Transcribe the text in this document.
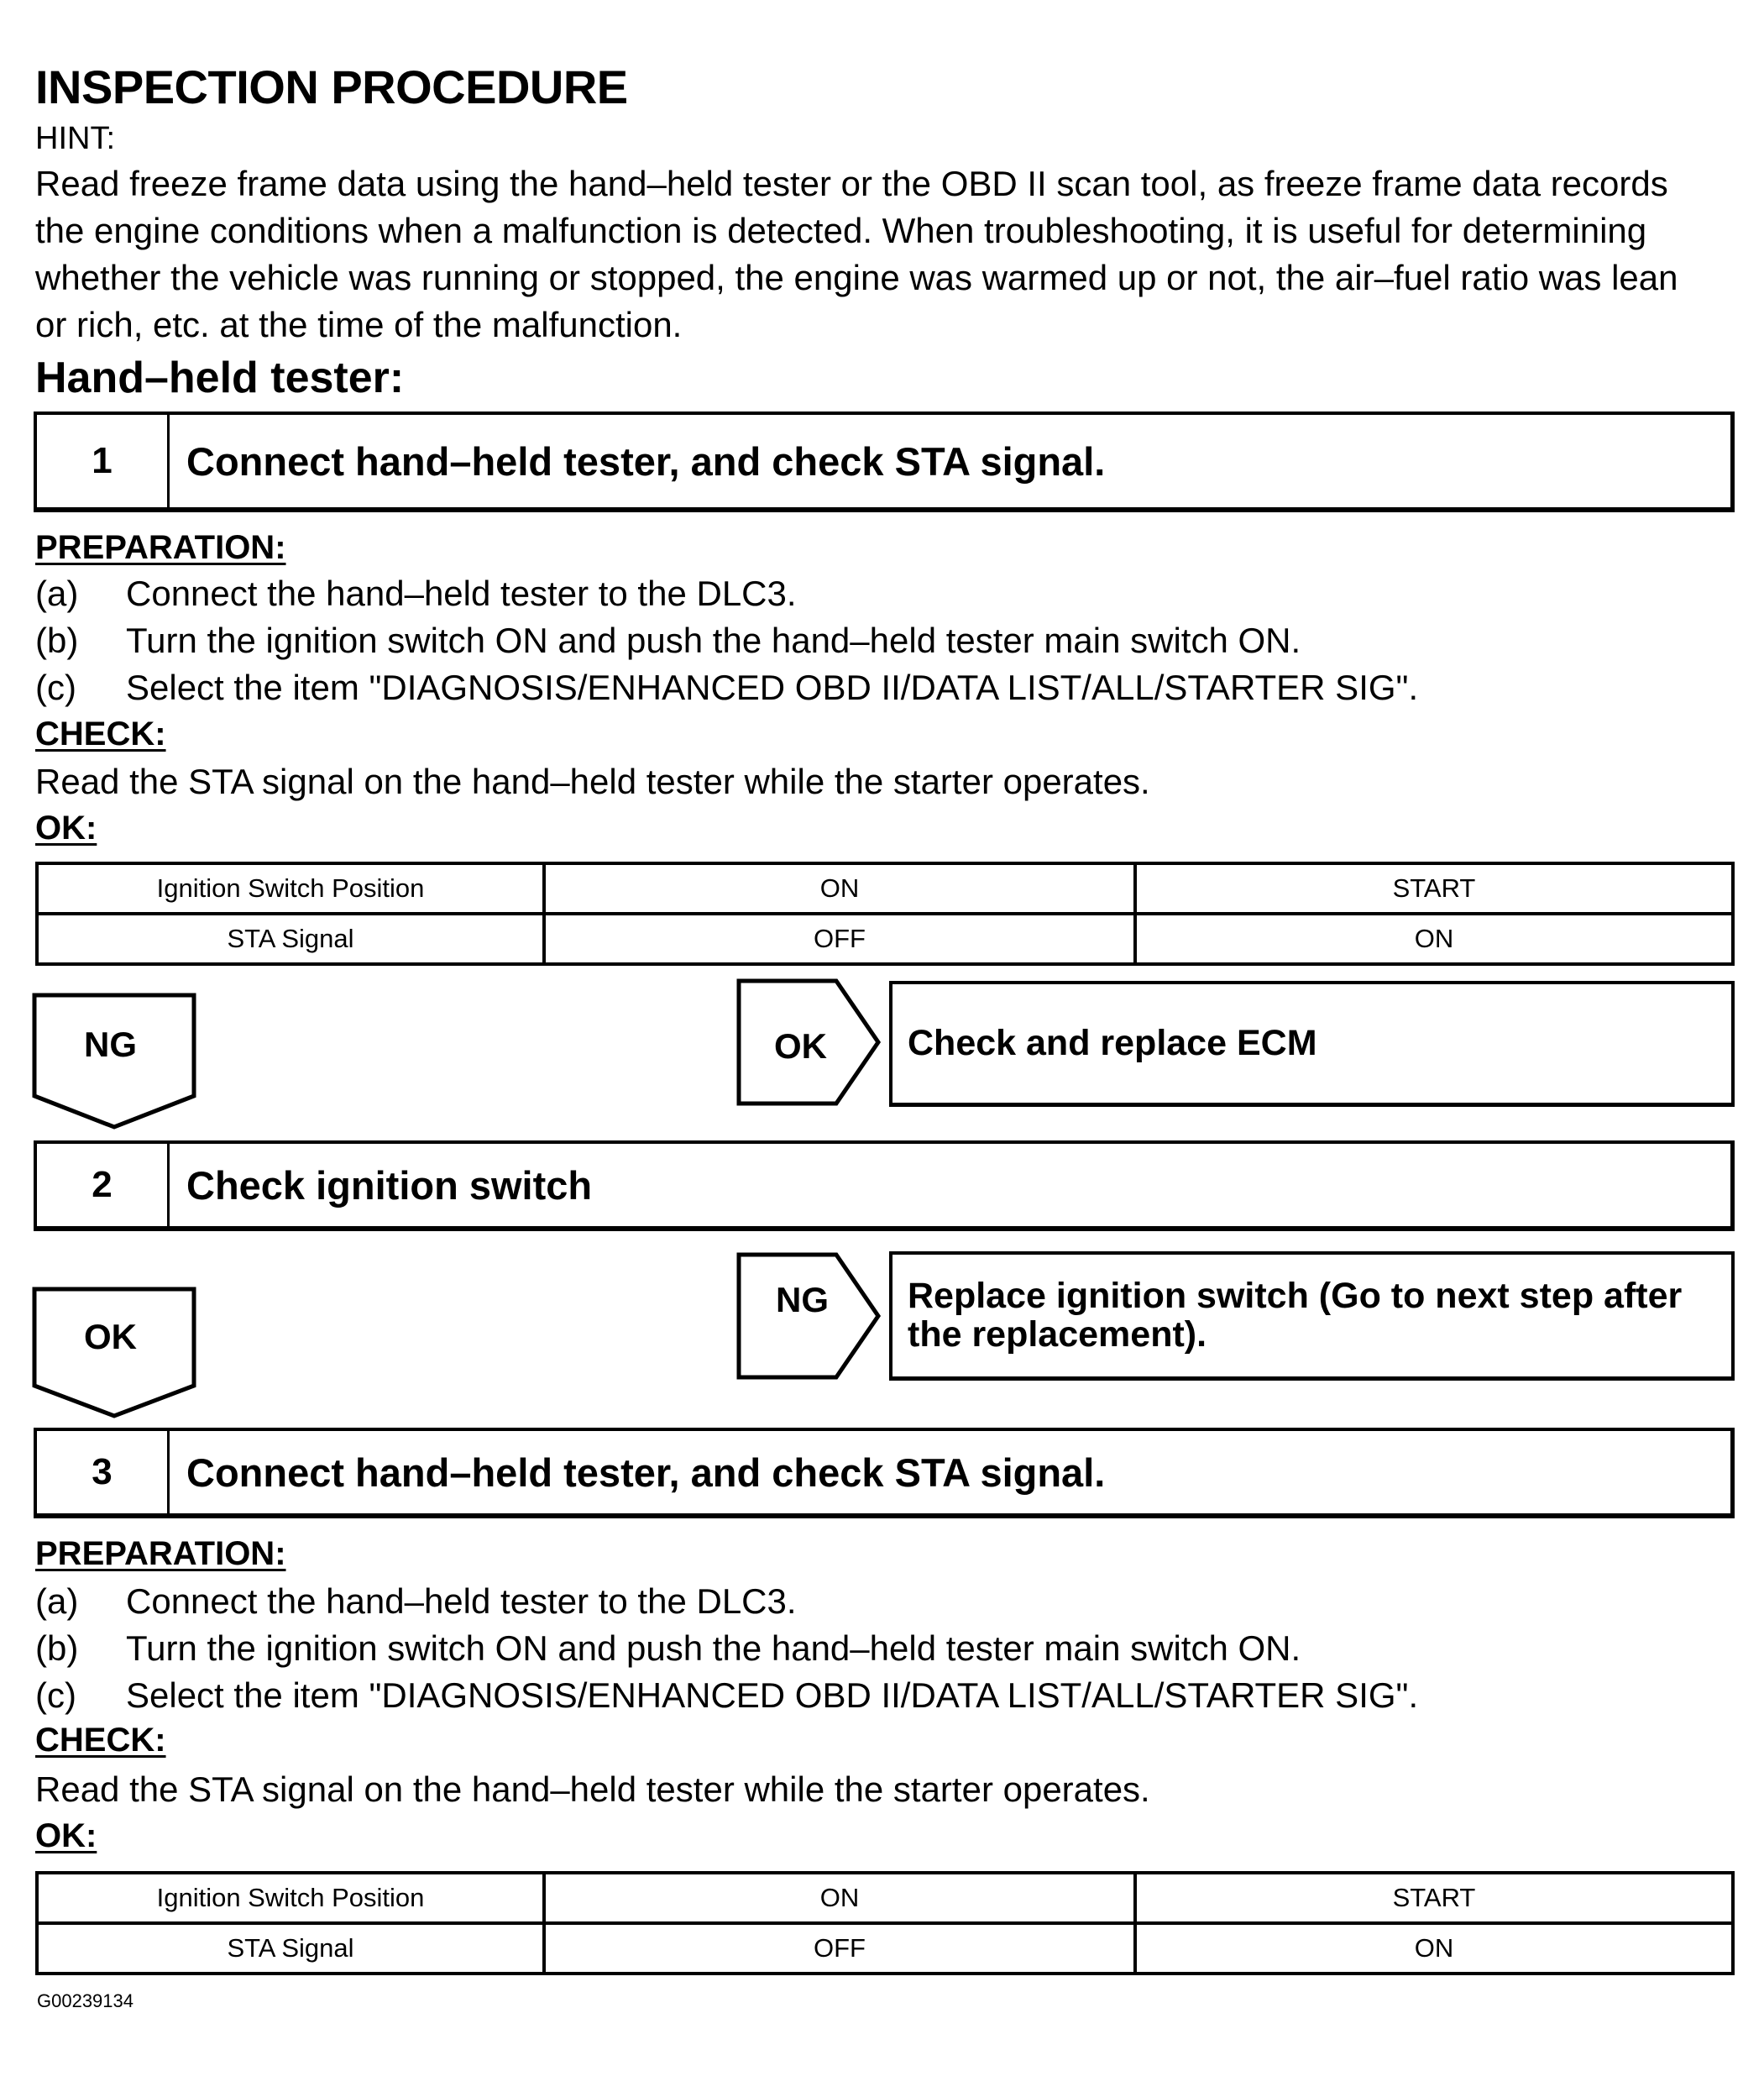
INSPECTION PROCEDURE
HINT:
Read freeze frame data using the hand–held tester or the OBD II scan tool, as freeze frame data records
the engine conditions when a malfunction is detected. When troubleshooting, it is useful for determining
whether the vehicle was running or stopped, the engine was warmed up or not, the air–fuel ratio was lean
or rich, etc. at the time of the malfunction.
Hand–held tester:
1	Connect hand–held tester, and check STA signal.
PREPARATION:
(a) Connect the hand–held tester to the DLC3.
(b) Turn the ignition switch ON and push the hand–held tester main switch ON.
(c) Select the item "DIAGNOSIS/ENHANCED OBD II/DATA LIST/ALL/STARTER SIG".
CHECK:
Read the STA signal on the hand–held tester while the starter operates.
OK:
Ignition Switch Position	ON	START
STA Signal	OFF	ON
NG	OK Check and replace ECM
2	Check ignition switch
OK
NG Replace ignition switch (Go to next step after
the replacement).
3	Connect hand–held tester, and check STA signal.
PREPARATION:
(a) Connect the hand–held tester to the DLC3.
(b) Turn the ignition switch ON and push the hand–held tester main switch ON.
(c) Select the item "DIAGNOSIS/ENHANCED OBD II/DATA LIST/ALL/STARTER SIG".
CHECK:
Read the STA signal on the hand–held tester while the starter operates.
OK:
Ignition Switch Position	ON	START
STA Signal	OFF	ON
G00239134
